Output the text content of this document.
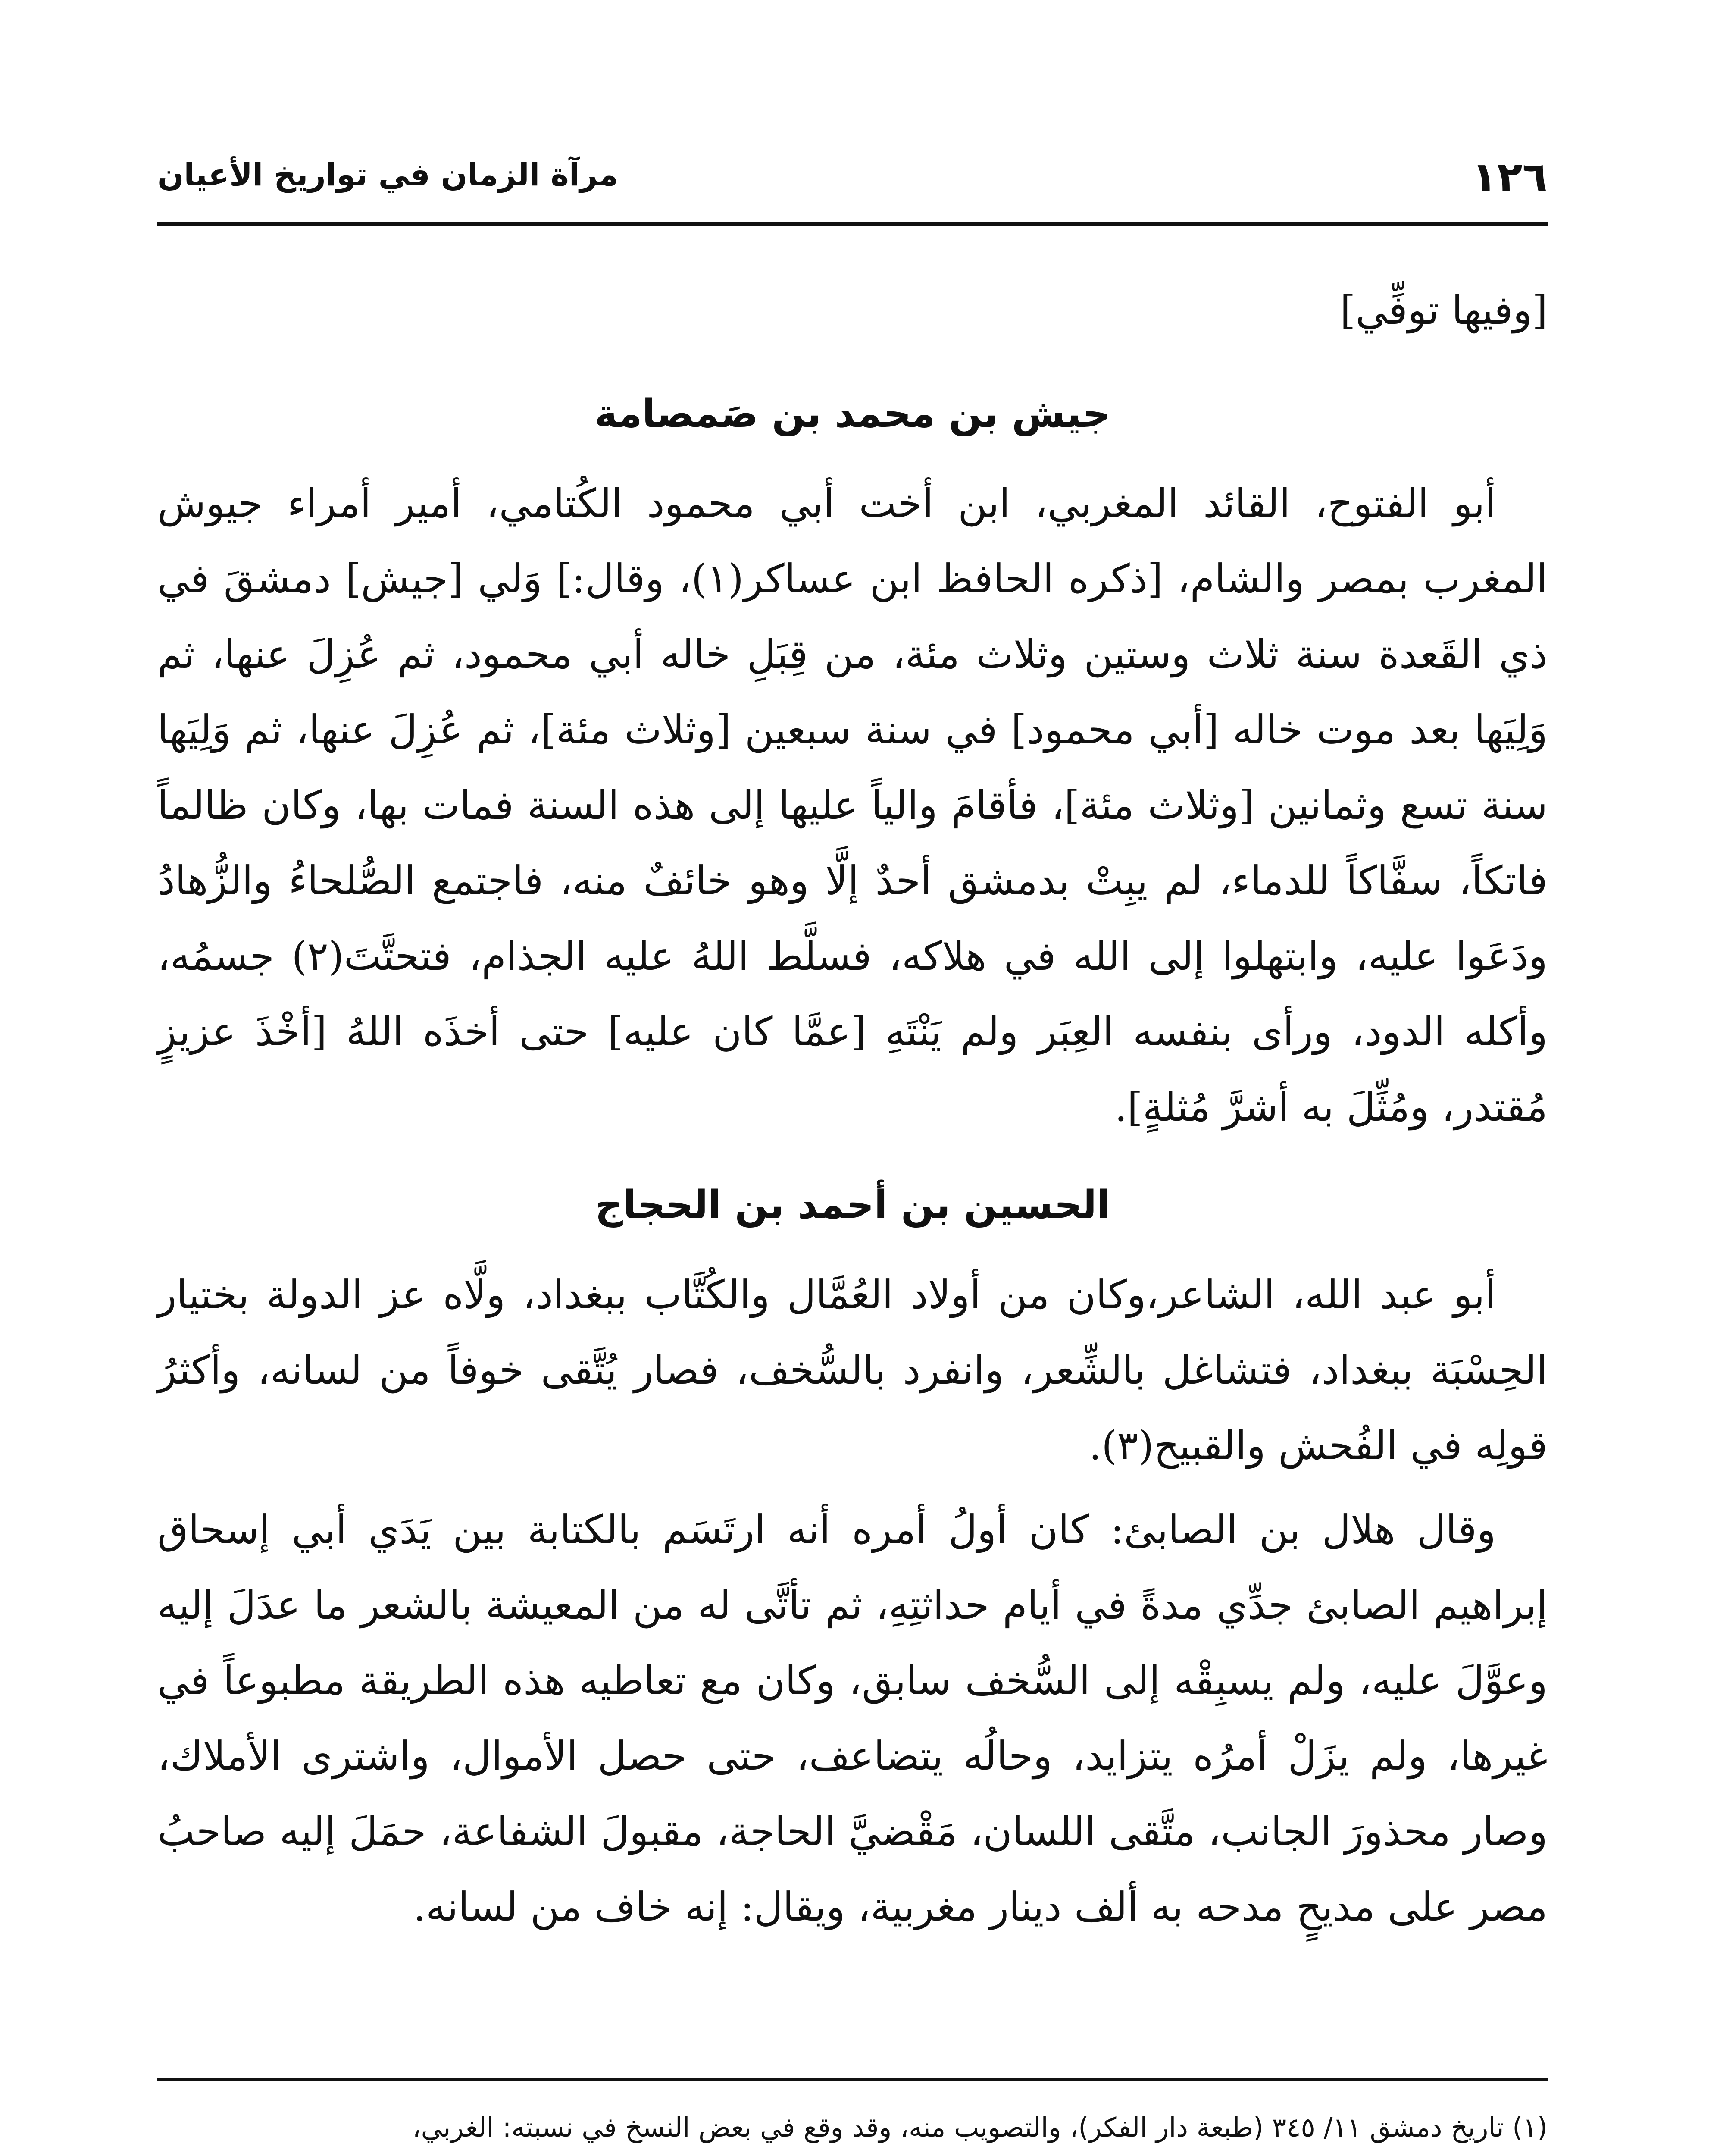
١٢٦
مرآة الزمان في تواريخ الأعيان

[وفيها توفِّي]

جيش بن محمد بن صَمصامة

أبو الفتوح، القائد المغربي، ابن أخت أبي محمود الكُتامي، أمير أمراء جيوش المغرب بمصر والشام، [ذكره الحافظ ابن عساكر(١)، وقال:] وَلي [جيش] دمشقَ في ذي القَعدة سنة ثلاث وستين وثلاث مئة، من قِبَلِ خاله أبي محمود، ثم عُزِلَ عنها، ثم وَلِيَها بعد موت خاله [أبي محمود] في سنة سبعين [وثلاث مئة]، ثم عُزِلَ عنها، ثم وَلِيَها سنة تسع وثمانين [وثلاث مئة]، فأقامَ والياً عليها إلى هذه السنة فمات بها، وكان ظالماً فاتكاً، سفَّاكاً للدماء، لم يبِتْ بدمشق أحدٌ إلَّا وهو خائفٌ منه، فاجتمع الصُّلحاءُ والزُّهادُ ودَعَوا عليه، وابتهلوا إلى الله في هلاكه، فسلَّط اللهُ عليه الجذام، فتحتَّتَ(٢) جسمُه، وأكله الدود، ورأى بنفسه العِبَر ولم يَنْتَهِ [عمَّا كان عليه] حتى أخذَه اللهُ [أخْذَ عزيزٍ مُقتدر، ومُثِّلَ به أشرَّ مُثلةٍ].

الحسين بن أحمد بن الحجاج

أبو عبد الله، الشاعر،وكان من أولاد العُمَّال والكُتَّاب ببغداد، ولَّاه عز الدولة بختيار الحِسْبَة ببغداد، فتشاغل بالشِّعر، وانفرد بالسُّخف، فصار يُتَّقى خوفاً من لسانه، وأكثرُ قولِه في الفُحش والقبيح(٣).

وقال هلال بن الصابئ: كان أولُ أمره أنه ارتَسَم بالكتابة بين يَدَي أبي إسحاق إبراهيم الصابئ جدِّي مدةً في أيام حداثتِهِ، ثم تأتَّى له من المعيشة بالشعر ما عدَلَ إليه وعوَّلَ عليه، ولم يسبِقْه إلى السُّخف سابق، وكان مع تعاطيه هذه الطريقة مطبوعاً في غيرها، ولم يزَلْ أمرُه يتزايد، وحالُه يتضاعف، حتى حصل الأموال، واشترى الأملاك، وصار محذورَ الجانب، متَّقى اللسان، مَقْضيَّ الحاجة، مقبولَ الشفاعة، حمَلَ إليه صاحبُ مصر على مديحٍ مدحه به ألف دينار مغربية، ويقال: إنه خاف من لسانه.

(١) تاريخ دمشق ١١/ ٣٤٥ (طبعة دار الفكر)، والتصويب منه، وقد وقع في بعض النسخ في نسبته: الغربي،
